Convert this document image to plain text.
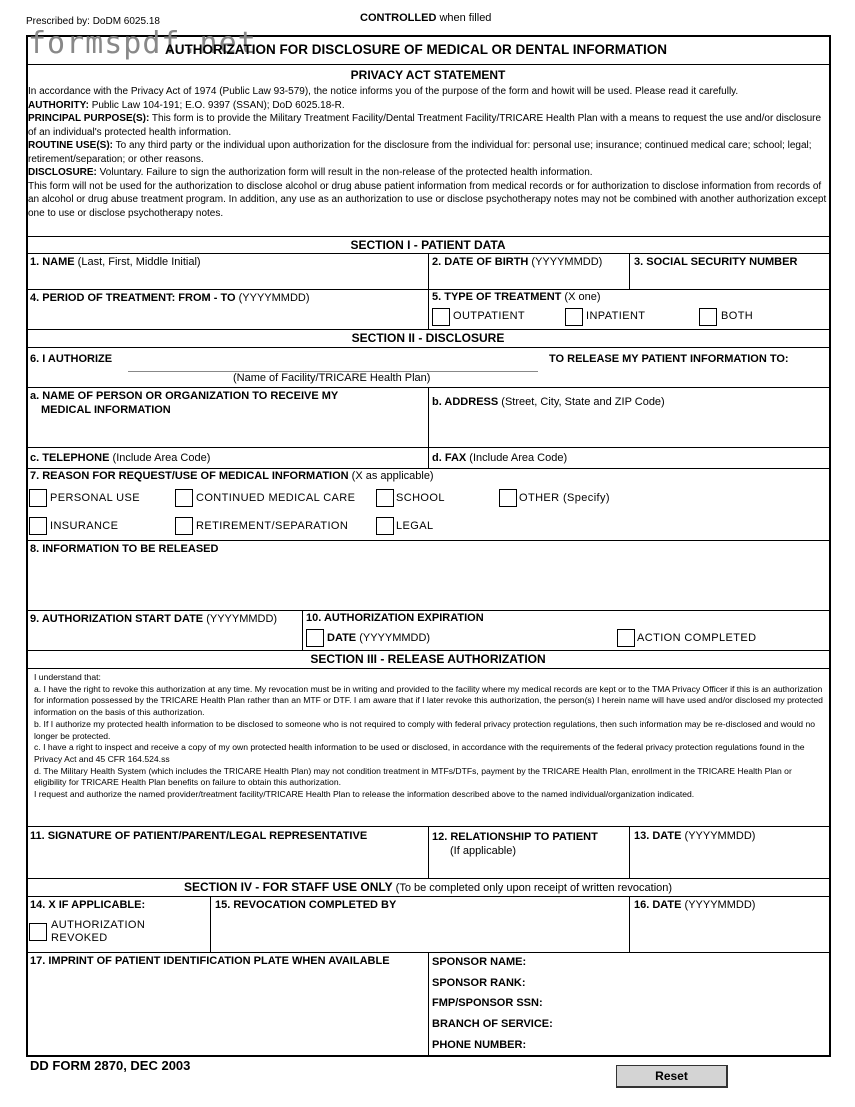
Prescribed by: DoDM 6025.18	CONTROLLED when filled
formspdf.net
AUTHORIZATION FOR DISCLOSURE OF MEDICAL OR DENTAL INFORMATION
PRIVACY ACT STATEMENT

In accordance with the Privacy Act of 1974 (Public Law 93-579), the notice informs you of the purpose of the form and howit will be used. Please read it carefully.

AUTHORITY: Public Law 104-191; E.O. 9397 (SSAN); DoD 6025.18-R.

PRINCIPAL PURPOSE(S): This form is to provide the Military Treatment Facility/Dental Treatment Facility/TRICARE Health Plan with a means to request the use and/or disclosure of an individual's protected health information.

ROUTINE USE(S): To any third party or the individual upon authorization for the disclosure from the individual for: personal use; insurance; continued medical care; school; legal; retirement/separation; or other reasons.

DISCLOSURE: Voluntary. Failure to sign the authorization form will result in the non-release of the protected health information.

This form will not be used for the authorization to disclose alcohol or drug abuse patient information from medical records or for authorization to disclose information from records of an alcohol or drug abuse treatment program. In addition, any use as an authorization to use or disclose psychotherapy notes may not be combined with another authorization except one to use or disclose psychotherapy notes.

SECTION I - PATIENT DATA
1. NAME (Last, First, Middle Initial)	2. DATE OF BIRTH (YYYYMMDD)	3. SOCIAL SECURITY NUMBER
4. PERIOD OF TREATMENT: FROM - TO (YYYYMMDD)	5. TYPE OF TREATMENT (X one)
OUTPATIENT	INPATIENT	BOTH
SECTION II - DISCLOSURE
6. I AUTHORIZE	TO RELEASE MY PATIENT INFORMATION TO:
(Name of Facility/TRICARE Health Plan)
a. NAME OF PERSON OR ORGANIZATION TO RECEIVE MY
MEDICAL INFORMATION
b. ADDRESS (Street, City, State and ZIP Code)
c. TELEPHONE (Include Area Code)	d. FAX (Include Area Code)
7. REASON FOR REQUEST/USE OF MEDICAL INFORMATION (X as applicable)
PERSONAL USE	CONTINUED MEDICAL CARE	SCHOOL	OTHER (Specify)
INSURANCE	RETIREMENT/SEPARATION	LEGAL
8. INFORMATION TO BE RELEASED
9. AUTHORIZATION START DATE (YYYYMMDD)	10. AUTHORIZATION EXPIRATION
DATE (YYYYMMDD)	ACTION COMPLETED
SECTION III - RELEASE AUTHORIZATION

I understand that:

a. I have the right to revoke this authorization at any time. My revocation must be in writing and provided to the facility where my medical records are kept or to the TMA Privacy Officer if this is an authorization for information possessed by the TRICARE Health Plan rather than an MTF or DTF. I am aware that if I later revoke this authorization, the person(s) I herein name will have used and/or disclosed my protected information on the basis of this authorization.

b. If I authorize my protected health information to be disclosed to someone who is not required to comply with federal privacy protection regulations, then such information may be re-disclosed and would no longer be protected.

c. I have a right to inspect and receive a copy of my own protected health information to be used or disclosed, in accordance with the requirements of the federal privacy protection regulations found in the Privacy Act and 45 CFR 164.524.ss

d. The Military Health System (which includes the TRICARE Health Plan) may not condition treatment in MTFs/DTFs, payment by the TRICARE Health Plan, enrollment in the TRICARE Health Plan or eligibility for TRICARE Health Plan benefits on failure to obtain this authorization.

I request and authorize the named provider/treatment facility/TRICARE Health Plan to release the information described above to the named individual/organization indicated.

11. SIGNATURE OF PATIENT/PARENT/LEGAL REPRESENTATIVE	12. RELATIONSHIP TO PATIENT
(If applicable)
13. DATE (YYYYMMDD)
SECTION IV - FOR STAFF USE ONLY (To be completed only upon receipt of written revocation)
14. X IF APPLICABLE:
AUTHORIZATION
REVOKED
15. REVOCATION COMPLETED BY	16. DATE (YYYYMMDD)
17. IMPRINT OF PATIENT IDENTIFICATION PLATE WHEN AVAILABLE	SPONSOR NAME:
SPONSOR RANK:
FMP/SPONSOR SSN:
BRANCH OF SERVICE:
PHONE NUMBER:
DD FORM 2870, DEC 2003
Reset
